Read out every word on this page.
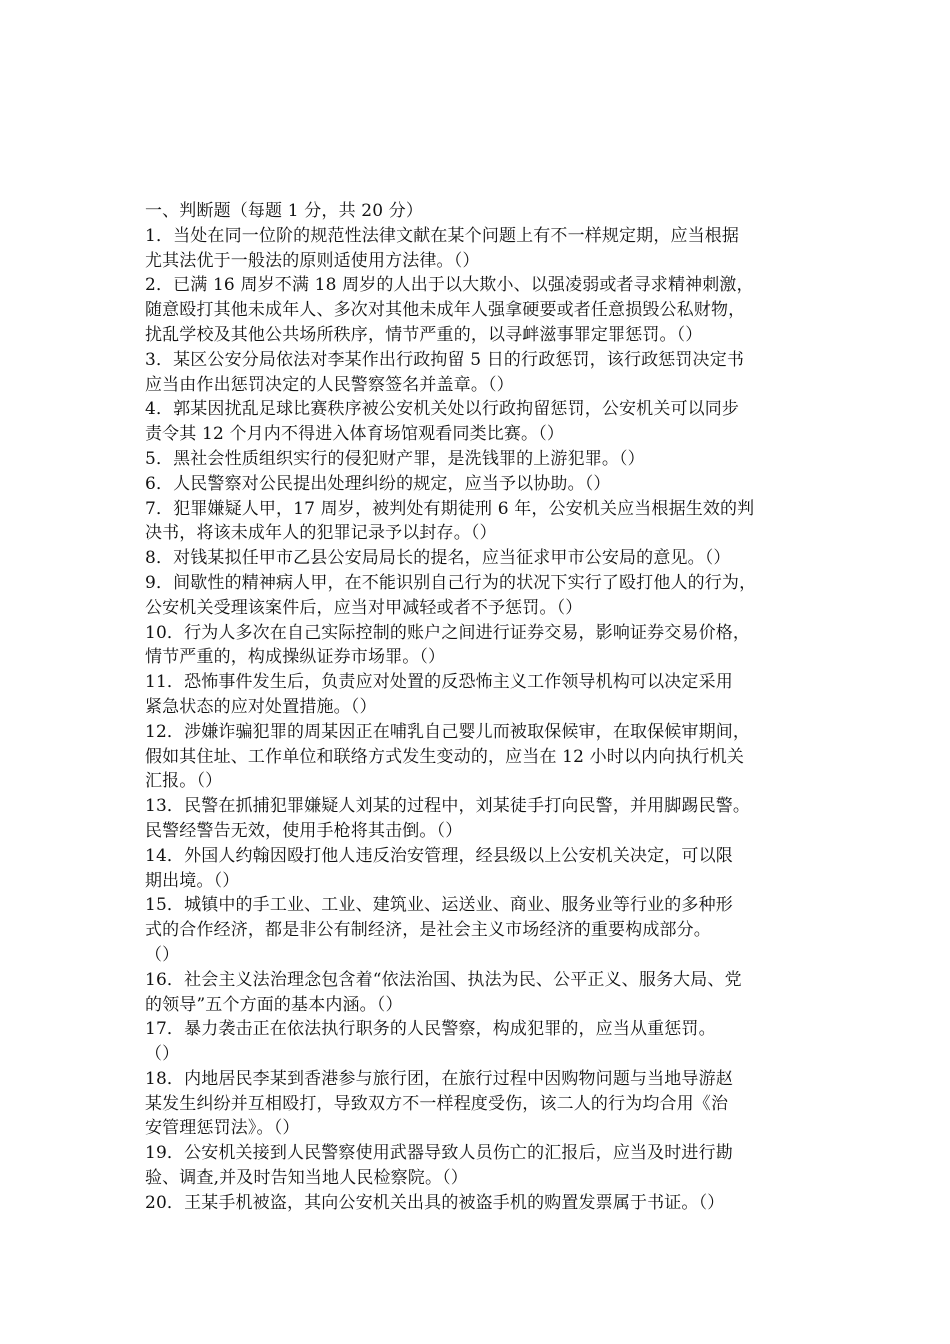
一、判断题（每题 1 分，共 20 分）
1．当处在同一位阶的规范性法律文献在某个问题上有不一样规定期，应当根据
尤其法优于一般法的原则适使用方法律。（）
2．已满 16 周岁不满 18 周岁的人出于以大欺小、以强凌弱或者寻求精神刺激，
随意殴打其他未成年人、多次对其他未成年人强拿硬要或者任意损毁公私财物，
扰乱学校及其他公共场所秩序，情节严重的，以寻衅滋事罪定罪惩罚。（）
3．某区公安分局依法对李某作出行政拘留 5 日的行政惩罚，该行政惩罚决定书
应当由作出惩罚决定的人民警察签名并盖章。（）
4．郭某因扰乱足球比赛秩序被公安机关处以行政拘留惩罚，公安机关可以同步
责令其 12 个月内不得进入体育场馆观看同类比赛。（）
5．黑社会性质组织实行的侵犯财产罪，是洗钱罪的上游犯罪。（）
6．人民警察对公民提出处理纠纷的规定，应当予以协助。（）
7．犯罪嫌疑人甲，17 周岁，被判处有期徒刑 6 年，公安机关应当根据生效的判
决书，将该未成年人的犯罪记录予以封存。（）
8．对钱某拟任甲市乙县公安局局长的提名，应当征求甲市公安局的意见。（）
9．间歇性的精神病人甲，在不能识别自己行为的状况下实行了殴打他人的行为，
公安机关受理该案件后，应当对甲减轻或者不予惩罚。（）
10．行为人多次在自己实际控制的账户之间进行证券交易，影响证券交易价格，
情节严重的，构成操纵证券市场罪。（）
11．恐怖事件发生后，负责应对处置的反恐怖主义工作领导机构可以决定采用
紧急状态的应对处置措施。（）
12．涉嫌诈骗犯罪的周某因正在哺乳自己婴儿而被取保候审，在取保候审期间，
假如其住址、工作单位和联络方式发生变动的，应当在 12 小时以内向执行机关
汇报。（）
13．民警在抓捕犯罪嫌疑人刘某的过程中，刘某徒手打向民警，并用脚踢民警。
民警经警告无效，使用手枪将其击倒。（）
14．外国人约翰因殴打他人违反治安管理，经县级以上公安机关决定，可以限
期出境。（）
15．城镇中的手工业、工业、建筑业、运送业、商业、服务业等行业的多种形
式的合作经济，都是非公有制经济，是社会主义市场经济的重要构成部分。
（）
16．社会主义法治理念包含着“依法治国、执法为民、公平正义、服务大局、党
的领导”五个方面的基本内涵。（）
17．暴力袭击正在依法执行职务的人民警察，构成犯罪的，应当从重惩罚。
（）
18．内地居民李某到香港参与旅行团，在旅行过程中因购物问题与当地导游赵
某发生纠纷并互相殴打，导致双方不一样程度受伤，该二人的行为均合用《治
安管理惩罚法》。（）
19．公安机关接到人民警察使用武器导致人员伤亡的汇报后，应当及时进行勘
验、调查,并及时告知当地人民检察院。（）
20．王某手机被盗，其向公安机关出具的被盗手机的购置发票属于书证。（）
